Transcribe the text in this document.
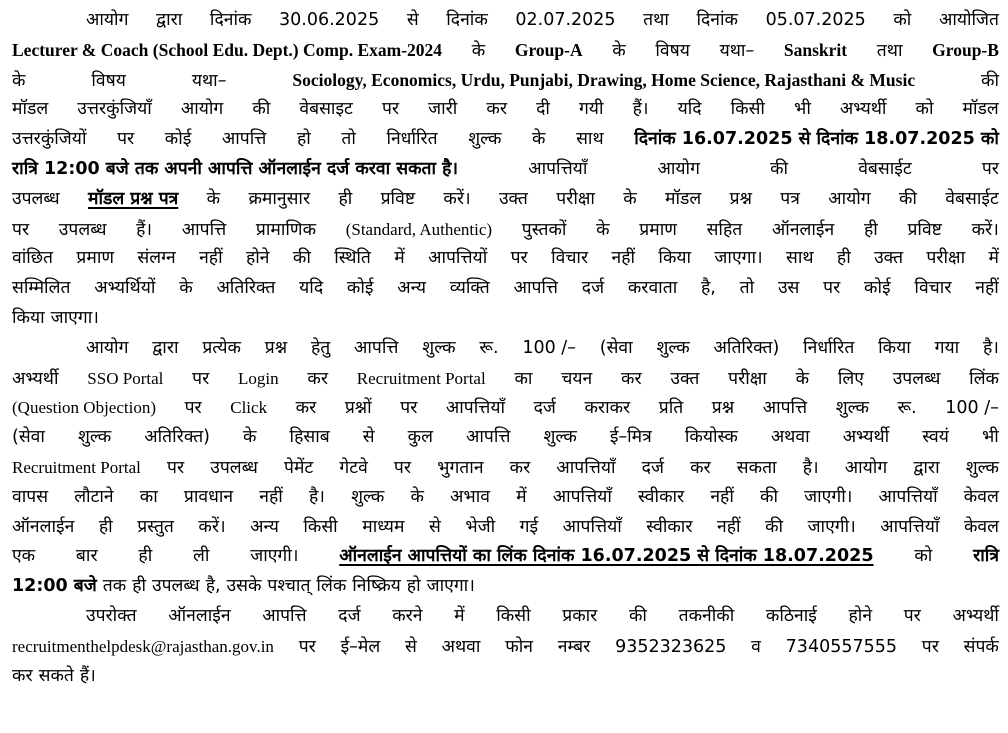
आयोग द्वारा दिनांक 30.06.2025 से दिनांक 02.07.2025 तथा दिनांक 05.07.2025 को आयोजित
Lecturer & Coach (School Edu. Dept.) Comp. Exam-2024 के Group-A के विषय यथा– Sanskrit तथा Group-B
के	विषय	यथा–	Sociology, Economics, Urdu, Punjabi, Drawing, Home Science, Rajasthani & Music	की
मॉडल उत्तरकुंजियाँ आयोग की वेबसाइट पर जारी कर दी गयी हैं। यदि किसी भी अभ्यर्थी को मॉडल
उत्तरकुंजियों पर कोई आपत्ति हो तो निर्धारित शुल्क के साथ दिनांक 16.07.2025 से दिनांक 18.07.2025 को
रात्रि 12:00 बजे तक अपनी आपत्ति ऑनलाईन दर्ज करवा सकता है।	आपत्तियाँ	आयोग	की	वेबसाईट	पर
उपलब्ध मॉडल प्रश्न पत्र के क्रमानुसार ही प्रविष्ट करें। उक्त परीक्षा के मॉडल प्रश्न पत्र आयोग की वेबसाईट
पर उपलब्ध हैं। आपत्ति प्रामाणिक (Standard, Authentic) पुस्तकों के प्रमाण सहित ऑनलाईन ही प्रविष्ट करें।
वांछित प्रमाण संलग्न नहीं होने की स्थिति में आपत्तियों पर विचार नहीं किया जाएगा। साथ ही उक्त परीक्षा में
सम्मिलित अभ्यर्थियों के अतिरिक्त यदि कोई अन्य व्यक्ति आपत्ति दर्ज करवाता है, तो उस पर कोई विचार नहीं
किया जाएगा।
आयोग द्वारा प्रत्येक प्रश्न हेतु आपत्ति शुल्क रू. 100 /– (सेवा शुल्क अतिरिक्त) निर्धारित किया गया है।
अभ्यर्थी SSO Portal पर Login कर Recruitment Portal का चयन कर उक्त परीक्षा के लिए उपलब्ध लिंक
(Question Objection) पर Click कर प्रश्नों पर आपत्तियाँ दर्ज कराकर प्रति प्रश्न आपत्ति शुल्क रू. 100 /–
(सेवा शुल्क अतिरिक्त) के हिसाब से कुल आपत्ति शुल्क ई–मित्र कियोस्क अथवा अभ्यर्थी स्वयं भी
Recruitment Portal पर उपलब्ध पेमेंट गेटवे पर भुगतान कर आपत्तियाँ दर्ज कर सकता है। आयोग द्वारा शुल्क
वापस लौटाने का प्रावधान नहीं है। शुल्क के अभाव में आपत्तियाँ स्वीकार नहीं की जाएगी। आपत्तियाँ केवल
ऑनलाईन ही प्रस्तुत करें। अन्य किसी माध्यम से भेजी गई आपत्तियाँ स्वीकार नहीं की जाएगी। आपत्तियाँ केवल
एक बार ही ली जाएगी। ऑनलाईन आपत्तियों का लिंक दिनांक 16.07.2025 से दिनांक 18.07.2025 को रात्रि
12:00 बजे तक ही उपलब्ध है, उसके पश्चात् लिंक निष्क्रिय हो जाएगा।
उपरोक्त ऑनलाईन आपत्ति दर्ज करने में किसी प्रकार की तकनीकी कठिनाई होने पर अभ्यर्थी
recruitmenthelpdesk@rajasthan.gov.in पर ई–मेल से अथवा फोन नम्बर 9352323625 व 7340557555 पर संपर्क
कर सकते हैं।
